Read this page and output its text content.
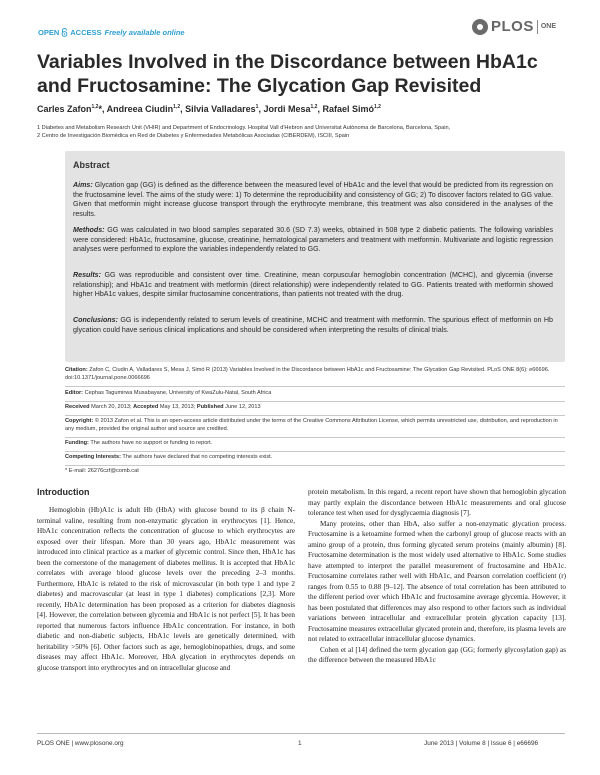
OPEN ACCESS Freely available online	PLOS ONE
Variables Involved in the Discordance between HbA1c and Fructosamine: The Glycation Gap Revisited
Carles Zafon$^{1,2}$*, Andreea Ciudin$^{1,2}$, Silvia Valladares$^1$, Jordi Mesa$^{1,2}$, Rafael Simó$^{1,2}$
1 Diabetes and Metabolism Research Unit (VHIR) and Department of Endocrinology. Hospital Vall d'Hebron and Universitat Autònoma de Barcelona, Barcelona, Spain,
2 Centro de Investigación Biomédica en Red de Diabetes y Enfermedades Metabólicas Asociadas (CIBERDEM), ISCIII, Spain
Abstract
Aims: Glycation gap (GG) is defined as the difference between the measured level of HbA1c and the level that would be predicted from its regression on the fructosamine level. The aims of the study were: 1) To determine the reproducibility and consistency of GG; 2) To discover factors related to GG value. Given that metformin might increase glucose transport through the erythrocyte membrane, this treatment was also considered in the analyses of the results.
Methods: GG was calculated in two blood samples separated 30.6 (SD 7.3) weeks, obtained in 508 type 2 diabetic patients. The following variables were considered: HbA1c, fructosamine, glucose, creatinine, hematological parameters and treatment with metformin. Multivariate and logistic regression analyses were performed to explore the variables independently related to GG.
Results: GG was reproducible and consistent over time. Creatinine, mean corpuscular hemoglobin concentration (MCHC), and glycemia (inverse relationship); and HbA1c and treatment with metformin (direct relationship) were independently related to GG. Patients treated with metformin showed higher HbA1c values, despite similar fructosamine concentrations, than patients not treated with the drug.
Conclusions: GG is independently related to serum levels of creatinine, MCHC and treatment with metformin. The spurious effect of metformin on Hb glycation could have serious clinical implications and should be considered when interpreting the results of clinical trials.
Citation: Zafon C, Ciudin A, Valladares S, Mesa J, Simó R (2013) Variables Involved in the Discordance between HbA1c and Fructosamine: The Glycation Gap Revisited. PLoS ONE 8(6): e66696. doi:10.1371/journal.pone.0066696
Editor: Cephas Tagumirwa Musabayane, University of KwaZulu-Natal, South Africa
Received March 20, 2013; Accepted May 13, 2013; Published June 12, 2013
Copyright: © 2013 Zafon et al. This is an open-access article distributed under the terms of the Creative Commons Attribution License, which permits unrestricted use, distribution, and reproduction in any medium, provided the original author and source are credited.
Funding: The authors have no support or funding to report.
Competing Interests: The authors have declared that no competing interests exist.
* E-mail: 26276czf@comb.cat
Introduction

Hemoglobin (Hb)A1c is adult Hb (HbA) with glucose bound to its β chain N-terminal valine, resulting from non-enzymatic glycation in erythrocytes [1]. Hence, HbA1c concentration reflects the concentration of glucose to which erythrocytes are exposed over their lifespan. More than 30 years ago, HbA1c measurement was introduced into clinical practice as a marker of glycemic control. Since then, HbA1c has been the cornerstone of the management of diabetes mellitus. It is accepted that HbA1c correlates with average blood glucose levels over the preceding 2–3 months. Furthermore, HbA1c is related to the risk of microvascular (in both type 1 and type 2 diabetes) and macrovascular (at least in type 1 diabetes) complications [2,3]. More recently, HbA1c determination has been proposed as a criterion for diabetes diagnosis [4]. However, the correlation between glycemia and HbA1c is not perfect [5]. It has been reported that numerous factors influence HbA1c concentration. For instance, in both diabetic and non-diabetic subjects, HbA1c levels are genetically determined, with heritability >50% [6]. Other factors such as age, hemoglobinopathies, drugs, and some diseases may affect HbA1c. Moreover, HbA glycation in erythrocytes depends on glucose transport into erythrocytes and on intracellular glucose and

protein metabolism. In this regard, a recent report have shown that hemoglobin glycation may partly explain the discordance between HbA1c measurements and oral glucose tolerance test when used for dysglycaemia diagnosis [7].

Many proteins, other than HbA, also suffer a non-enzymatic glycation process. Fructosamine is a ketoamine formed when the carbonyl group of glucose reacts with an amino group of a protein, thus forming glycated serum proteins (mainly albumin) [8]. Fructosamine determination is the most widely used alternative to HbA1c. Some studies have attempted to interpret the parallel measurement of fructosamine and HbA1c. Fructosamine correlates rather well with HbA1c, and Pearson correlation coefficient (r) ranges from 0.55 to 0.88 [9–12]. The absence of total correlation has been attributed to the different period over which HbA1c and fructosamine average glycemia. However, it has been postulated that differences may also respond to other factors such as individual variations between intracellular and extracellular protein glycation capacity [13]. Fructosamine measures extracellular glycated protein and, therefore, its plasma levels are not related to extracellular intracellular glucose dynamics.

Cohen et al [14] defined the term glycation gap (GG; formerly glycosylation gap) as the difference between the measured HbA1c

PLOS ONE | www.plosone.org	1	June 2013 | Volume 8 | Issue 6 | e66696
